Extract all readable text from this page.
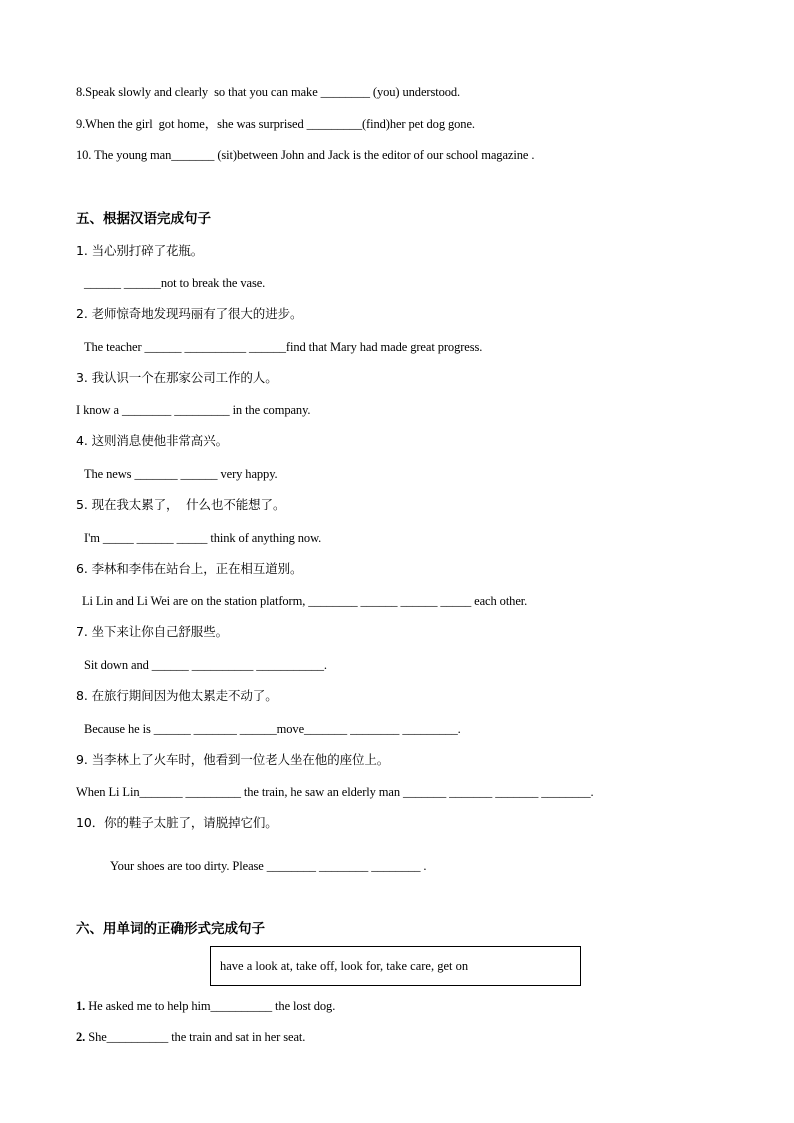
8.Speak slowly and clearly  so that you can make ________ (you) understood.
9.When the girl  got home，she was surprised _________(find)her pet dog gone.
10. The young man_______ (sit)between John and Jack is the editor of our school magazine .
五、根据汉语完成句子
1. 当心别打碎了花瓶。
______ ______not to break the vase.
2. 老师惊奇地发现玛丽有了很大的进步。
The teacher ______ __________ ______find that Mary had made great progress.
3. 我认识一个在那家公司工作的人。
I know a ________ _________ in the company.
4. 这则消息使他非常高兴。
The news _______ ______ very happy.
5. 现在我太累了，  什么也不能想了。
I'm _____ ______ _____ think of anything now.
6. 李林和李伟在站台上，正在相互道别。
Li Lin and Li Wei are on the station platform, ________ ______ ______ _____ each other.
7. 坐下来让你自己舒服些。
Sit down and ______ __________ ___________.
8. 在旅行期间因为他太累走不动了。
Because he is ______ _______ ______move_______ ________ _________.
9. 当李林上了火车时，他看到一位老人坐在他的座位上。
When Li Lin_______ _________ the train, he saw an elderly man _______ _______ _______ ________.
10．你的鞋子太脏了，请脱掉它们。
Your shoes are too dirty. Please ________ ________ ________ .
六、用单词的正确形式完成句子
have a look at, take off, look for, take care, get on
1. He asked me to help him__________ the lost dog.
2. She__________ the train and sat in her seat.
